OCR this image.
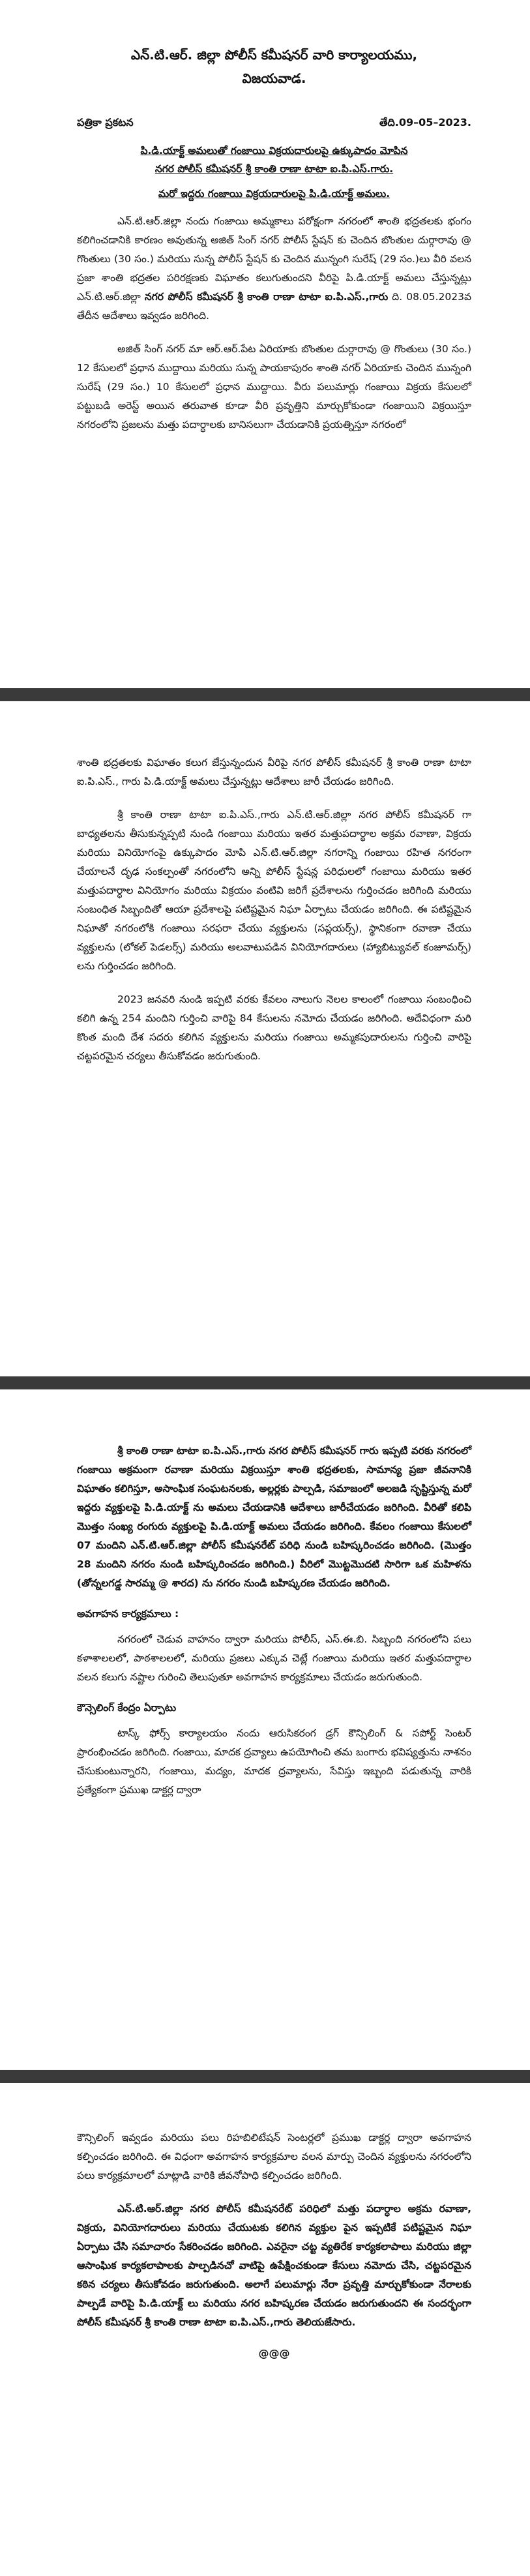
ఎన్.టి.ఆర్. జిల్లా పోలీస్ కమీషనర్ వారి కార్యాలయము,

విజయవాడ.

పత్రికా ప్రకటన	తేది.09–05–2023.

పి.డి.యాక్ట్ అమలుతో గంజాయి విక్రయదారులపై ఉక్కుపాదం మోపిన

నగర పోలీస్ కమీషనర్ శ్రీ కాంతి రాణా టాటా ఐ.పి.ఎస్.గారు.

మరో ఇద్దరు గంజాయి విక్రయదారులపై పి.డి.యాక్ట్ అమలు.

ఎన్.టి.ఆర్.జిల్లా నందు గంజాయి అమ్మకాలు పరోక్షంగా నగరంలో శాంతి భద్రతలకు భంగం కలిగించడానికి కారణం అవుతున్న అజిత్ సింగ్ నగర్ పోలీస్ స్టేషన్ కు చెందిన బొంతుల దుర్గారావు @ గొంతులు (30 సం.) మరియు సున్న పోలీస్ స్టేషన్ కు చెందిన మున్నంగి సురేష్ (29 సం.)లు వీరి వలన ప్రజా శాంతి భద్రతల పరిరక్షణకు విఘాతం కలుగుతుందని వీరిపై పి.డి.యాక్ట్ అమలు చేస్తున్నట్లు ఎన్.టి.ఆర్.జిల్లా నగర పోలీస్ కమీషనర్ శ్రీ కాంతి రాణా టాటా ఐ.పి.ఎస్.,గారు ది. 08.05.2023వ తేదీన ఆదేశాలు ఇవ్వడం జరిగింది.

అజిత్ సింగ్ నగర్ మా ఆర్.ఆర్.పేట ఏరియాకు బొంతుల దుర్గారావు @ గొంతులు (30 సం.) 12 కేసులలో ప్రధాన ముద్దాయి మరియు సున్న పాయకాపురం శాంతి నగర్ ఏరియాకు చెందిన మున్నంగి సురేష్ (29 సం.) 10 కేసులలో ప్రధాన ముద్దాయి. వీరు పలుమార్లు గంజాయి విక్రయ కేసులలో పట్టుబడి అరెస్ట్ అయిన తరువాత కూడా వీరి ప్రవృత్తిని మార్చుకోకుండా గంజాయిని విక్రయిస్తూ నగరంలోని ప్రజలను మత్తు పదార్ధాలకు బానిసలుగా చేయడానికి ప్రయత్నిస్తూ నగరంలో

శాంతి భద్రతలకు విఘాతం కలుగ జేస్తున్నందున వీరిపై నగర పోలీస్ కమీషనర్ శ్రీ కాంతి రాణా టాటా ఐ.పి.ఎస్., గారు పి.డి.యాక్ట్ అమలు చేస్తున్నట్లు ఆదేశాలు జారీ చేయడం జరిగింది.

శ్రీ కాంతి రాణా టాటా ఐ.పి.ఎస్.,గారు ఎన్.టి.ఆర్.జిల్లా నగర పోలీస్ కమీషనర్ గా బాధ్యతలను తీసుకున్నప్పటి నుండి గంజాయి మరియు ఇతర మత్తుపదార్థాల అక్రమ రవాణా, విక్రయ మరియు వినియోగంపై ఉక్కుపాదం మోపి ఎన్.టి.ఆర్.జిల్లా నగరాన్ని గంజాయి రహిత నగరంగా చేయాలనే దృఢ సంకల్పంతో నగరంలోని అన్ని పోలీస్ స్టేషన్ల పరిధులలో గంజాయి మరియు ఇతర మత్తుపదార్ధాల వినియోగం మరియు విక్రయం వంటివి జరిగే ప్రదేశాలను గుర్తించడం జరిగింది మరియు సంబంధిత సిబ్బందితో ఆయా ప్రదేశాలపై పటిష్టమైన నిఘా ఏర్పాటు చేయడం జరిగింది. ఈ పటిష్టమైన నిఘాతో నగరంలోకి గంజాయి సరఫరా చేయు వ్యక్తులను (సప్లయర్స్), స్థానికంగా రవాణా చేయు వ్యక్తులను (లోకల్ పెడలర్స్) మరియు అలవాటుపడిన వినియోగదారులు (హ్యాబిట్యువల్ కంజూమర్స్) లను గుర్తించడం జరిగింది.

2023 జనవరి నుండి ఇప్పటి వరకు కేవలం నాలుగు నెలల కాలంలో గంజాయి సంబంధించి కలిగి ఉన్న 254 మందిని గుర్తించి వారిపై 84 కేసులను నమోదు చేయడం జరిగింది. అదేవిధంగా మరి కొంత మంది దేశ సదరు కలిగిన వ్యక్తులను మరియు గంజాయి అమ్మకపుదారులను గుర్తించి వారిపై చట్టపరమైన చర్యలు తీసుకోవడం జరుగుతుంది.

శ్రీ కాంతి రాణా టాటా ఐ.పి.ఎస్.,గారు నగర పోలీస్ కమీషనర్ గారు ఇప్పటి వరకు నగరంలో గంజాయి అక్రమంగా రవాణా మరియు విక్రయిస్తూ శాంతి భద్రతలకు, సామాన్య ప్రజా జీవనానికి విఘాతం కలిగిస్తూ, అసాంఘిక సంఘటనలకు, అల్లర్లకు పాల్పడి, సమాజంలో అలజడి సృష్టిస్తున్న మరో ఇద్దరు వ్యక్తులపై పి.డి.యాక్ట్ ను అమలు చేయడానికి ఆదేశాలు జారీచేయడం జరిగింది. వీరితో కలిపి మొత్తం సంఖ్య రంగురు వ్యక్తులపై పి.డి.యాక్ట్ అమలు చేయడం జరిగింది. కేవలం గంజాయి కేసులలో 07 మందిని ఎన్.టి.ఆర్.జిల్లా పోలీస్ కమీషనరేట్ పరిధి నుండి బహిష్కరించడం జరిగింది. (మొత్తం 28 మందిని నగరం నుండి బహిష్కరించడం జరిగింది.) వీరిలో మొట్టమొదటి సారిగా ఒక మహిళను (తోన్నలగడ్డ సారమ్మ @ శారద) ను నగరం నుండి బహిష్కరణ చేయడం జరిగింది.

అవగాహన కార్యక్రమాలు :

నగరంలో చెడువ వాహనం ద్వారా మరియు పోలీస్, ఎస్.ఈ.బి. సిబ్బంది నగరంలోని పలు కళాశాలలలో, పాఠశాలలలో, మరియు ప్రజలు ఎక్కువ చెట్లే గంజాయి మరియు ఇతర మత్తుపదార్ధాల వలన కలుగు నష్టాల గురించి తెలుపుతూ అవగాహన కార్యక్రమాలు చేయడం జరుగుతుంది.

కౌన్సెలింగ్ కేంద్రం ఏర్పాటు

టాస్క్ ఫోర్స్ కార్యాలయం నందు ఆరుసికరంగ డ్రగ్ కౌన్సిలింగ్ & సపోర్ట్ సెంటర్ ప్రారంభించడం జరిగింది. గంజాయి, మాదక ద్రవ్యాలు ఉపయోగించి తమ బంగారు భవిష్యత్తును నాశనం చేసుకుంటున్నారని, గంజాయి, మద్యం, మాదక ద్రవ్యాలను, సేవిస్తు ఇబ్బంది పడుతున్న వారికి ప్రత్యేకంగా ప్రముఖ డాక్టర్ల ద్వారా

కౌన్సిలింగ్ ఇవ్వడం మరియు పలు రిహబిలిటేషన్ సెంటర్లలో ప్రముఖ డాక్టర్ల ద్వారా అవగాహన కల్పించడం జరిగింది. ఈ విధంగా అవగాహన కార్యక్రమాల వలన మార్పు చెందిన వ్యక్తులను నగరంలోని పలు కార్యక్రమాలలో మాట్లాడి వారికి జీవనోపాధి కల్పించడం జరిగింది.

ఎన్.టి.ఆర్.జిల్లా నగర పోలీస్ కమీషనరేట్ పరిధిలో మత్తు పదార్ధాల అక్రమ రవాణా, విక్రయ, వినియోగదారులు మరియు చేయుటకు కలిగిన వ్యక్తుల పైన ఇప్పటికే పటిష్టమైన నిఘా ఏర్పాటు చేసి సమాచారం సేకరించడం జరిగింది. ఎవరైనా చట్ట వ్యతిరేక కార్యకలాపాలు మరియు జిల్లా ఆసాంఘిక కార్యకలాపాలకు పాల్పడినచో వాటిపై ఉపేక్షించకుండా కేసులు నమోదు చేసి, చట్టపరమైన కఠిన చర్యలు తీసుకోవడం జరుగుతుంది. అలాగే పలుమార్లు నేరా ప్రవృత్తి మార్చుకోకుండా నేరాలకు పాల్పడే వారిపై పి.డి.యాక్ట్ లు మరియు నగర బహిష్కరణ చేయడం జరుగుతుందని ఈ సందర్భంగా పోలీస్ కమీషనర్ శ్రీ కాంతి రాణా టాటా ఐ.పి.ఎస్.,గారు తెలియజేసారు.

@@@
